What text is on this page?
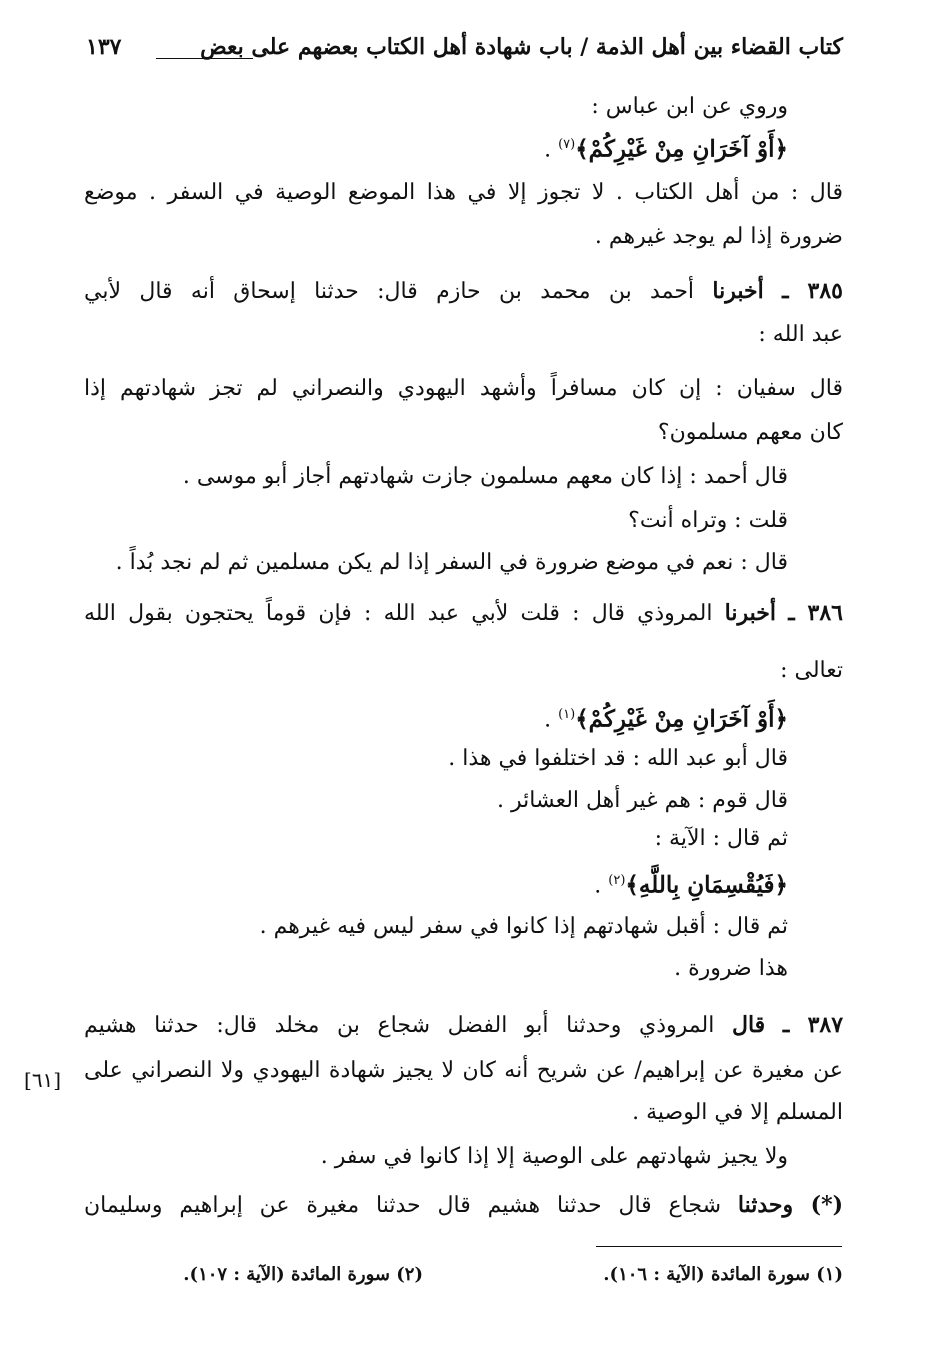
كتاب القضاء بين أهل الذمة / باب شهادة أهل الكتاب بعضهم على بعض
١٣٧
وروي عن ابن عباس :
﴿أَوْ آخَرَانِ مِنْ غَيْرِكُمْ﴾$^{(٧)}$ .
قال : من أهل الكتاب . لا تجوز إلا في هذا الموضع الوصية في السفر . موضع
ضرورة إذا لم يوجد غيرهم .
٣٨٥ ـ أخبرنا أحمد بن محمد بن حازم قال: حدثنا إسحاق أنه قال لأبي
عبد الله :
قال سفيان : إن كان مسافراً وأشهد اليهودي والنصراني لم تجز شهادتهم إذا
كان معهم مسلمون؟
قال أحمد : إذا كان معهم مسلمون جازت شهادتهم أجاز أبو موسى .
قلت : وتراه أنت؟
قال : نعم في موضع ضرورة في السفر إذا لم يكن مسلمين ثم لم نجد بُداً .
٣٨٦ ـ أخبرنا المروذي قال : قلت لأبي عبد الله : فإن قوماً يحتجون بقول الله
تعالى :
﴿أَوْ آخَرَانِ مِنْ غَيْرِكُمْ﴾$^{(١)}$ .
قال أبو عبد الله : قد اختلفوا في هذا .
قال قوم : هم غير أهل العشائر .
ثم قال : الآية :
﴿فَيُقْسِمَانِ بِاللَّهِ﴾$^{(٢)}$ .
ثم قال : أقبل شهادتهم إذا كانوا في سفر ليس فيه غيرهم .
هذا ضرورة .
٣٨٧ ـ قال المروذي وحدثنا أبو الفضل شجاع بن مخلد قال: حدثنا هشيم
عن مغيرة عن إبراهيم/ عن شريح أنه كان لا يجيز شهادة اليهودي ولا النصراني على
[٦١]
المسلم إلا في الوصية .
ولا يجيز شهادتهم على الوصية إلا إذا كانوا في سفر .
(*) وحدثنا شجاع قال حدثنا هشيم قال حدثنا مغيرة عن إبراهيم وسليمان
(١) سورة المائدة (الآية : ١٠٦).
(٢) سورة المائدة (الآية : ١٠٧).
